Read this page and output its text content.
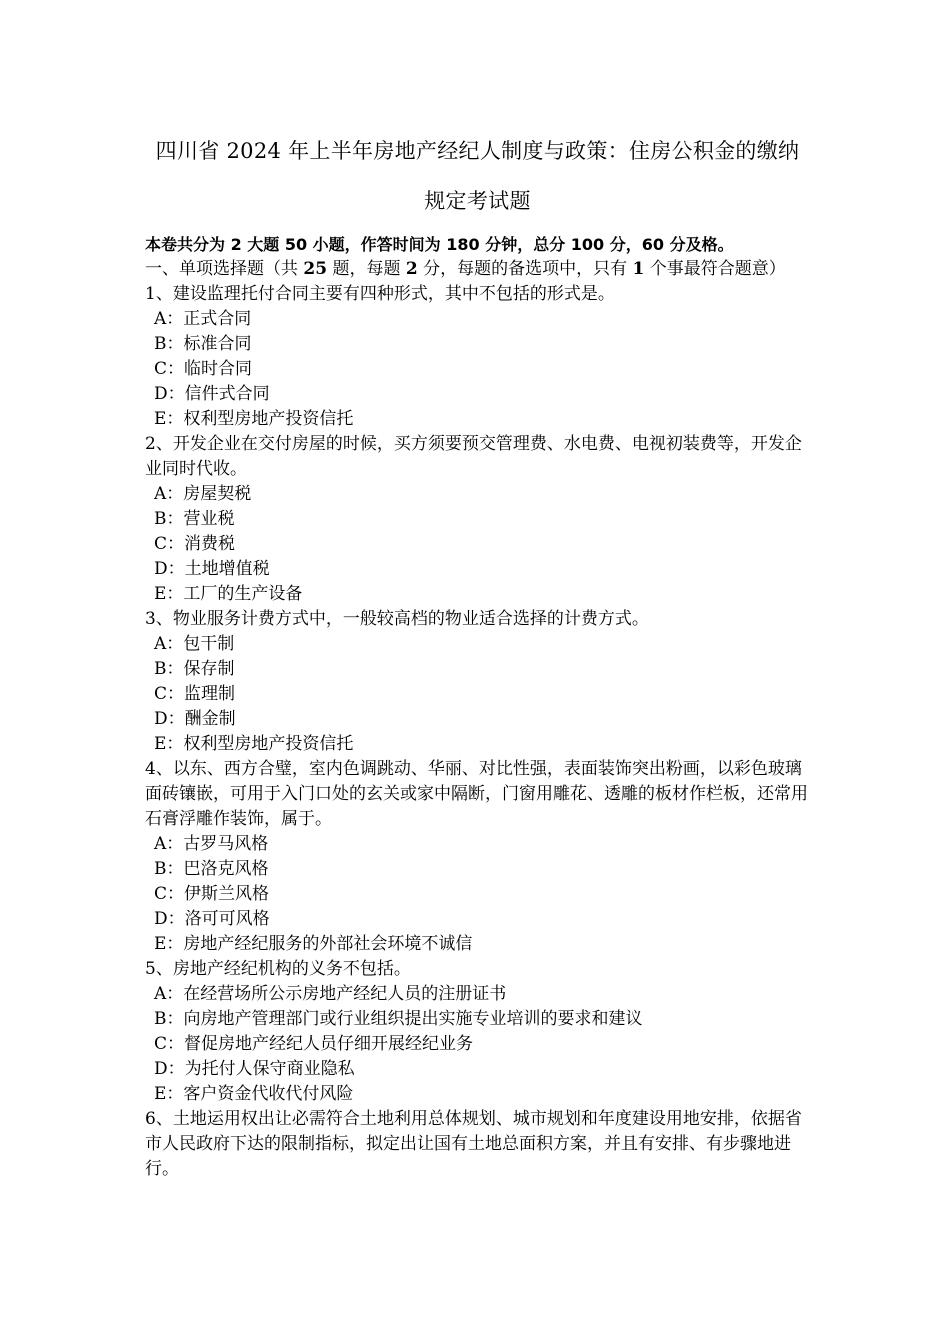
四川省 2024 年上半年房地产经纪人制度与政策：住房公积金的缴纳
规定考试题
本卷共分为 2 大题 50 小题，作答时间为 180 分钟，总分 100 分，60 分及格。

一、单项选择题（共 25 题，每题 2 分，每题的备选项中，只有 1 个事最符合题意）

1、建设监理托付合同主要有四种形式，其中不包括的形式是。

A：正式合同

B：标准合同

C：临时合同

D：信件式合同

E：权利型房地产投资信托

2、开发企业在交付房屋的时候，买方须要预交管理费、水电费、电视初装费等，开发企业同时代收。

A：房屋契税

B：营业税

C：消费税

D：土地增值税

E：工厂的生产设备

3、物业服务计费方式中，一般较高档的物业适合选择的计费方式。

A：包干制

B：保存制

C：监理制

D：酬金制

E：权利型房地产投资信托

4、以东、西方合璧，室内色调跳动、华丽、对比性强，表面装饰突出粉画，以彩色玻璃面砖镶嵌，可用于入门口处的玄关或家中隔断，门窗用雕花、透雕的板材作栏板，还常用石膏浮雕作装饰，属于。

A：古罗马风格

B：巴洛克风格

C：伊斯兰风格

D：洛可可风格

E：房地产经纪服务的外部社会环境不诚信

5、房地产经纪机构的义务不包括。

A：在经营场所公示房地产经纪人员的注册证书

B：向房地产管理部门或行业组织提出实施专业培训的要求和建议

C：督促房地产经纪人员仔细开展经纪业务

D：为托付人保守商业隐私

E：客户资金代收代付风险

6、土地运用权出让必需符合土地利用总体规划、城市规划和年度建设用地安排，依据省市人民政府下达的限制指标，拟定出让国有土地总面积方案，并且有安排、有步骤地进行。
